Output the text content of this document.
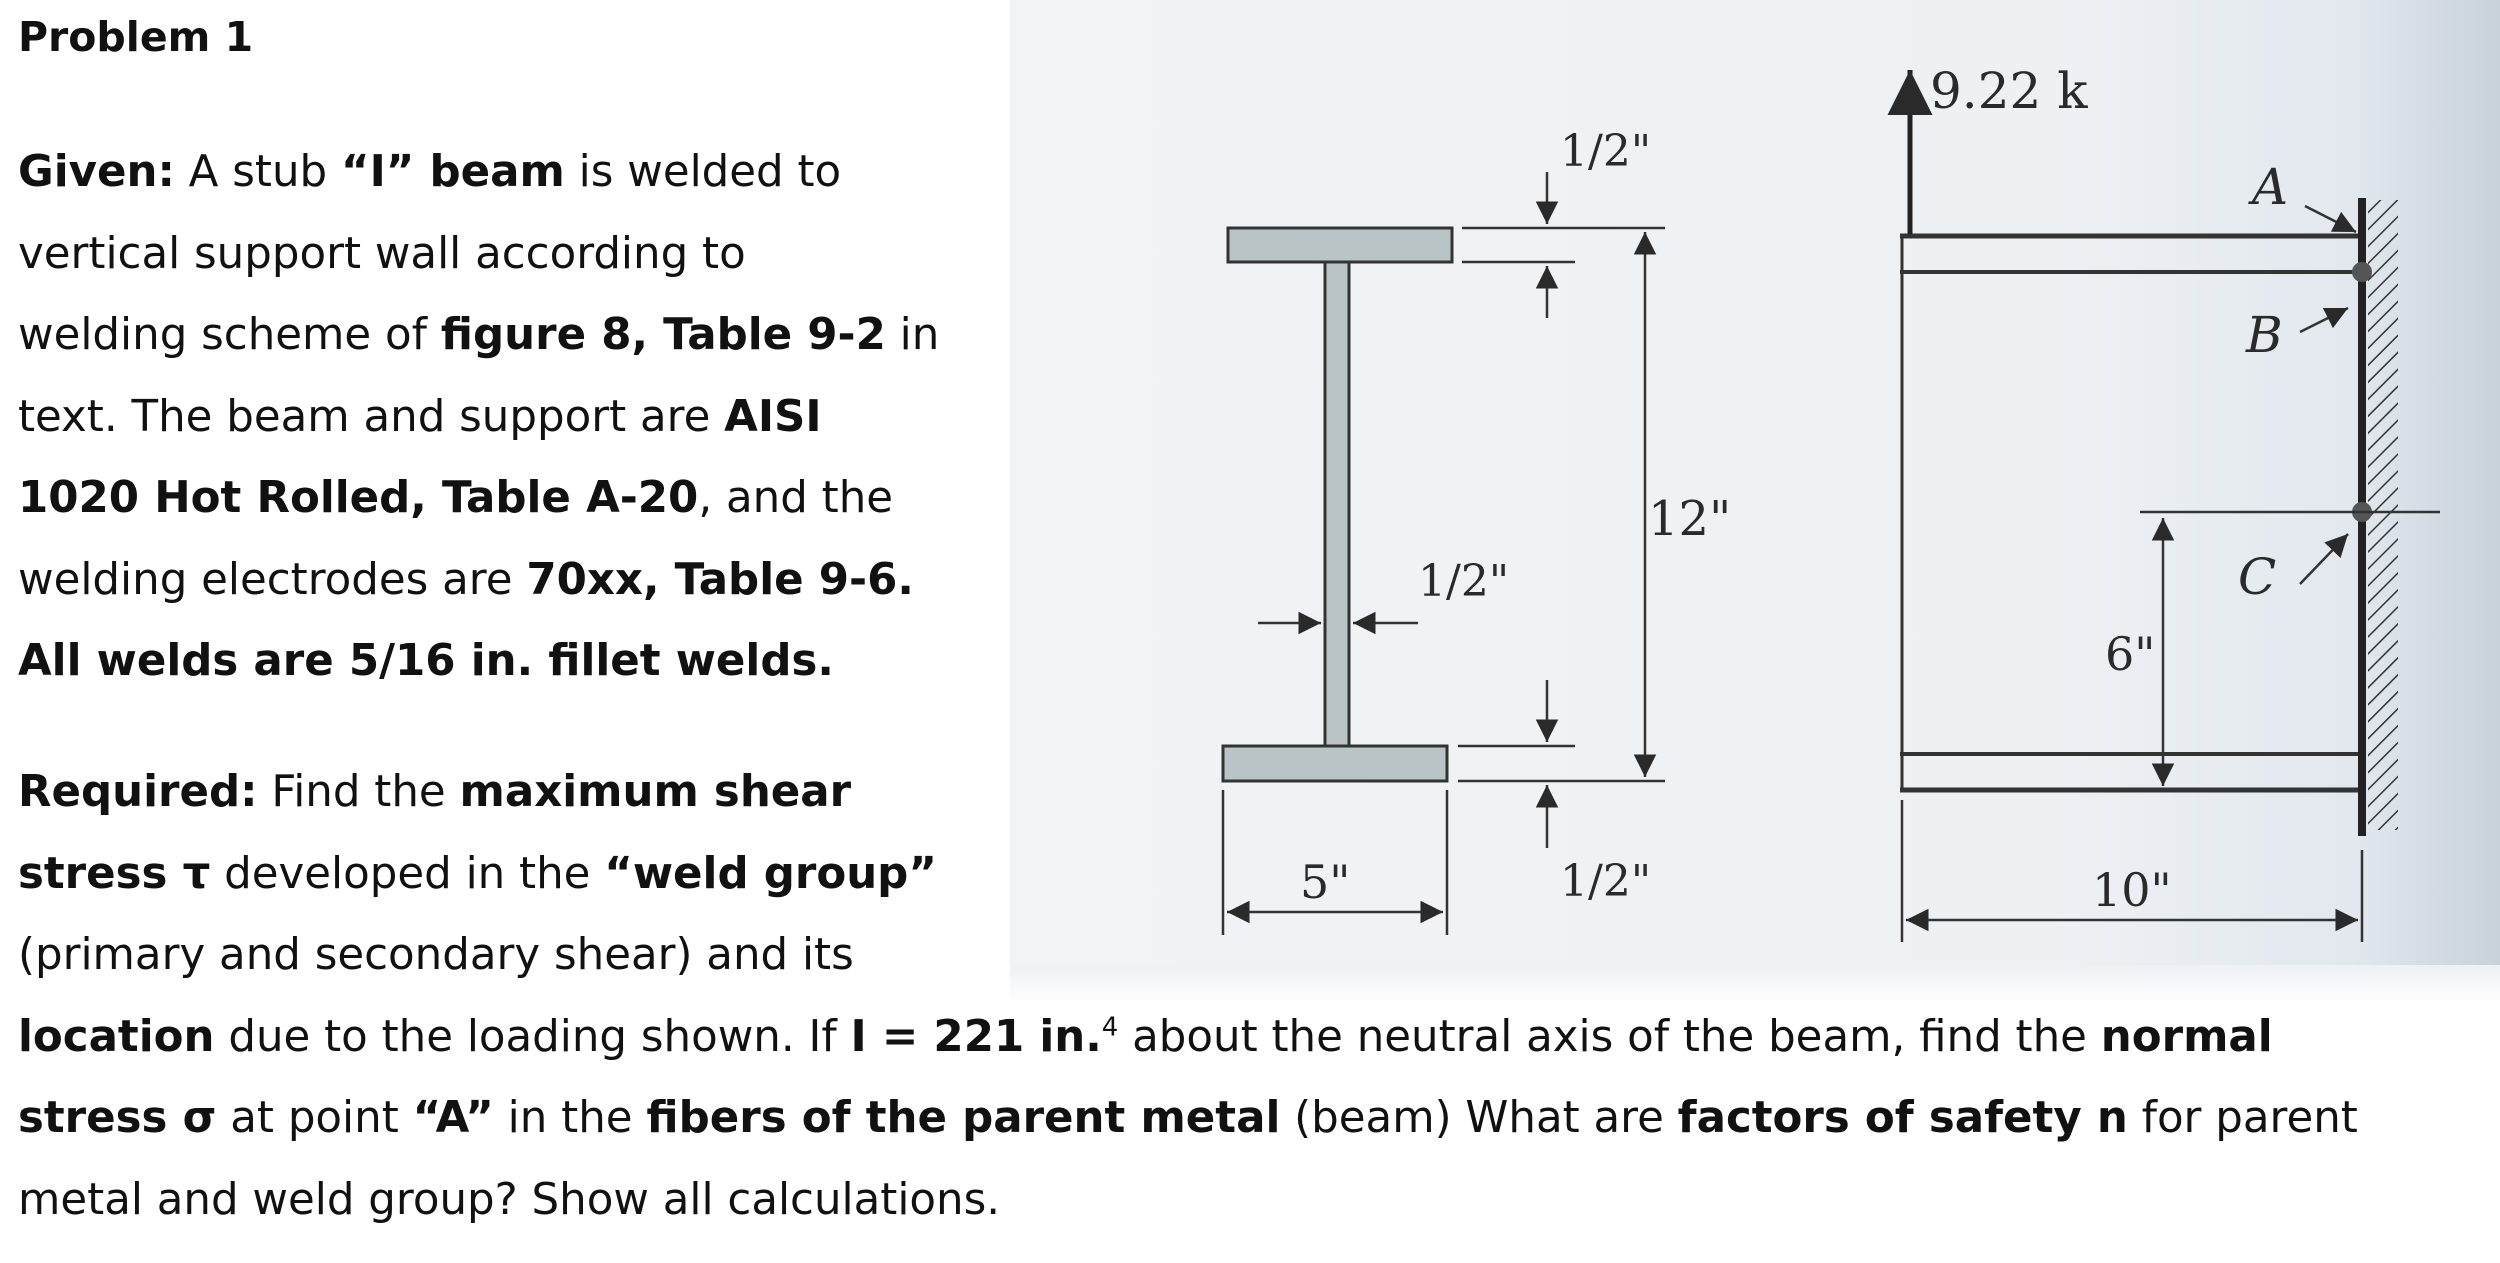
Problem 1

Given: A stub “I” beam is welded to

vertical support wall according to

welding scheme of figure 8, Table 9-2 in

text. The beam and support are AISI

1020 Hot Rolled, Table A-20, and the

welding electrodes are 70xx, Table 9-6.

All welds are 5/16 in. fillet welds.

Required: Find the maximum shear

stress τ developed in the “weld group”

(primary and secondary shear) and its

location due to the loading shown. If I = 221 in.$^4$ about the neutral axis of the beam, find the normal

stress σ at point “A” in the fibers of the parent metal (beam) What are factors of safety n for parent

metal and weld group? Show all calculations.

1/2"
12"
1/2"
1/2"
5"
9.22 k
A
B
C
6"
10"
